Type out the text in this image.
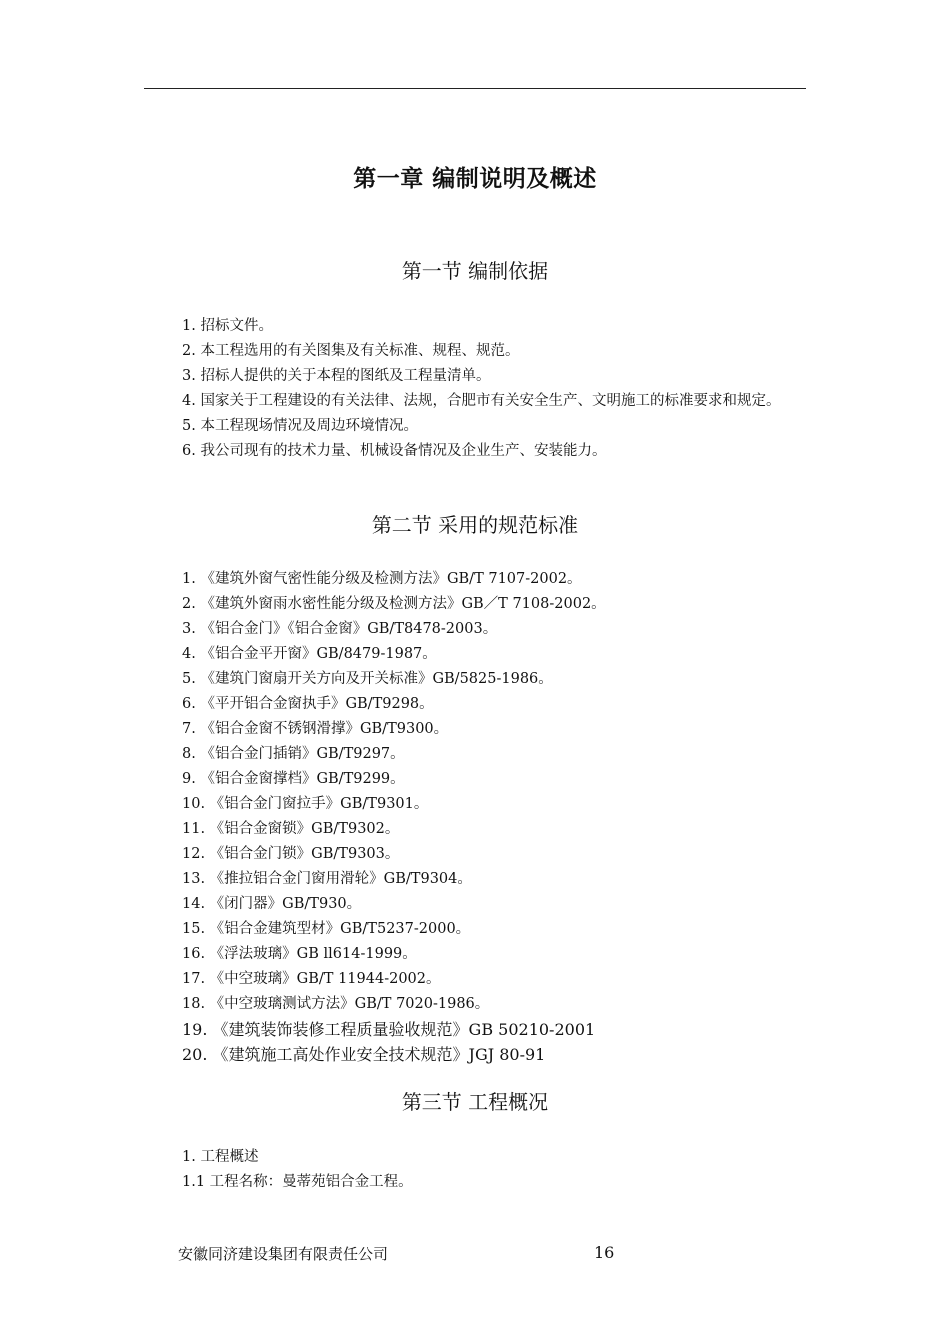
第一章 编制说明及概述
第一节 编制依据
1. 招标文件。
2. 本工程选用的有关图集及有关标准、规程、规范。
3. 招标人提供的关于本程的图纸及工程量清单。
4. 国家关于工程建设的有关法律、法规，合肥市有关安全生产、文明施工的标准要求和规定。
5. 本工程现场情况及周边环境情况。
6. 我公司现有的技术力量、机械设备情况及企业生产、安装能力。
第二节 采用的规范标准
1. 《建筑外窗气密性能分级及检测方法》GB/T 7107-2002。
2. 《建筑外窗雨水密性能分级及检测方法》GB／T 7108-2002。
3. 《铝合金门》《铝合金窗》GB/T8478-2003。
4. 《铝合金平开窗》GB/8479-1987。
5. 《建筑门窗扇开关方向及开关标准》GB/5825-1986。
6. 《平开铝合金窗执手》GB/T9298。
7. 《铝合金窗不锈钢滑撑》GB/T9300。
8. 《铝合金门插销》GB/T9297。
9. 《铝合金窗撑档》GB/T9299。
10. 《铝合金门窗拉手》GB/T9301。
11. 《铝合金窗锁》GB/T9302。
12. 《铝合金门锁》GB/T9303。
13. 《推拉铝合金门窗用滑轮》GB/T9304。
14. 《闭门器》GB/T930。
15. 《铝合金建筑型材》GB/T5237-2000。
16. 《浮法玻璃》GB ll614-1999。
17. 《中空玻璃》GB/T 11944-2002。
18. 《中空玻璃测试方法》GB/T 7020-1986。
19. 《建筑装饰装修工程质量验收规范》GB 50210-2001
20. 《建筑施工高处作业安全技术规范》JGJ 80-91
第三节 工程概况
1. 工程概述
1.1 工程名称：曼蒂苑铝合金工程。
安徽同济建设集团有限责任公司	16
